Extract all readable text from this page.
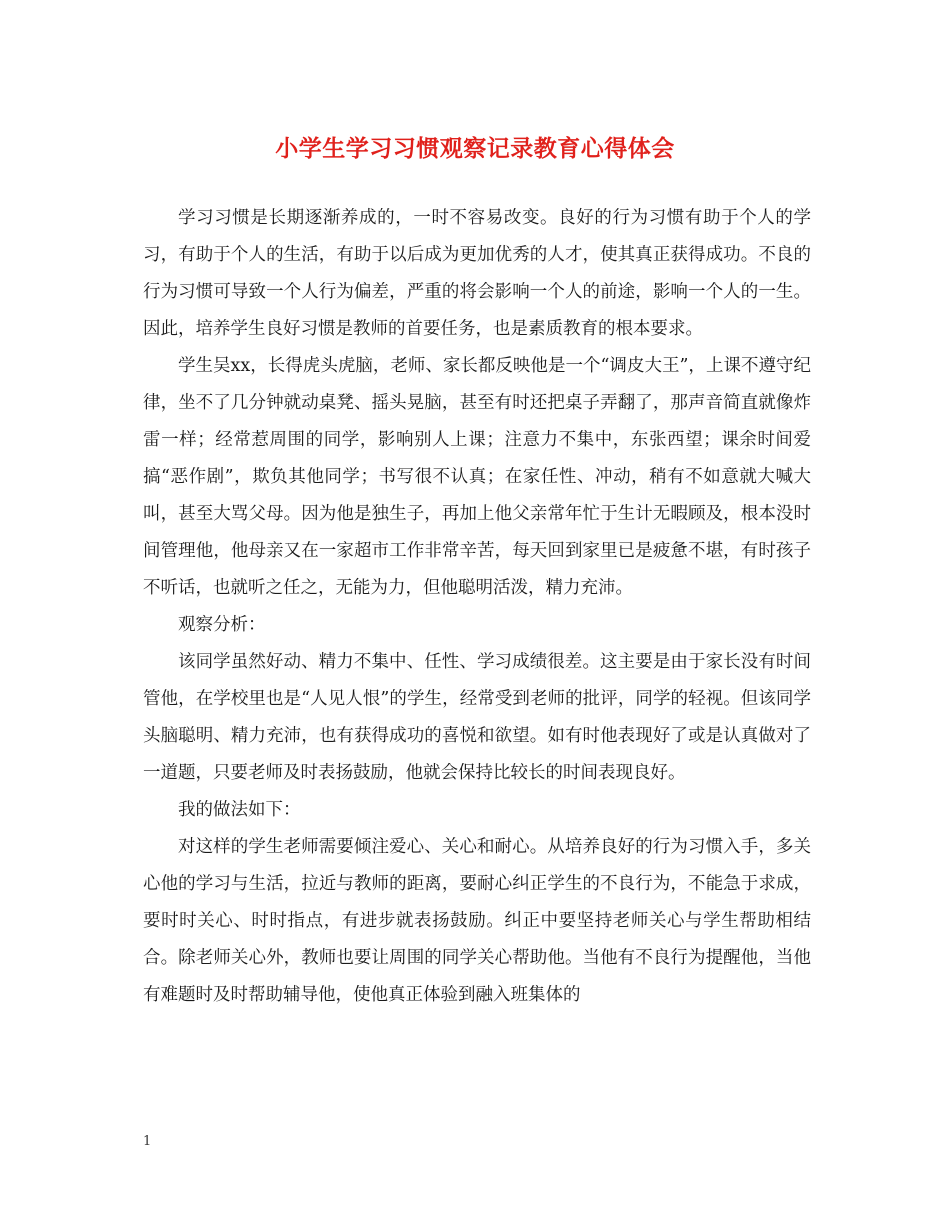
小学生学习习惯观察记录教育心得体会

学习习惯是长期逐渐养成的，一时不容易改变。良好的行为习惯有助于个人的学习，有助于个人的生活，有助于以后成为更加优秀的人才，使其真正获得成功。不良的行为习惯可导致一个人行为偏差，严重的将会影响一个人的前途，影响一个人的一生。因此，培养学生良好习惯是教师的首要任务，也是素质教育的根本要求。

学生吴xx，长得虎头虎脑，老师、家长都反映他是一个“调皮大王”，上课不遵守纪律，坐不了几分钟就动桌凳、摇头晃脑，甚至有时还把桌子弄翻了，那声音简直就像炸雷一样；经常惹周围的同学，影响别人上课；注意力不集中，东张西望；课余时间爱搞“恶作剧”，欺负其他同学；书写很不认真；在家任性、冲动，稍有不如意就大喊大叫，甚至大骂父母。因为他是独生子，再加上他父亲常年忙于生计无暇顾及，根本没时间管理他，他母亲又在一家超市工作非常辛苦，每天回到家里已是疲惫不堪，有时孩子不听话，也就听之任之，无能为力，但他聪明活泼，精力充沛。

观察分析：

该同学虽然好动、精力不集中、任性、学习成绩很差。这主要是由于家长没有时间管他，在学校里也是“人见人恨”的学生，经常受到老师的批评，同学的轻视。但该同学头脑聪明、精力充沛，也有获得成功的喜悦和欲望。如有时他表现好了或是认真做对了一道题，只要老师及时表扬鼓励，他就会保持比较长的时间表现良好。

我的做法如下：

对这样的学生老师需要倾注爱心、关心和耐心。从培养良好的行为习惯入手，多关心他的学习与生活，拉近与教师的距离，要耐心纠正学生的不良行为，不能急于求成，要时时关心、时时指点，有进步就表扬鼓励。纠正中要坚持老师关心与学生帮助相结合。除老师关心外，教师也要让周围的同学关心帮助他。当他有不良行为提醒他，当他有难题时及时帮助辅导他，使他真正体验到融入班集体的

1
